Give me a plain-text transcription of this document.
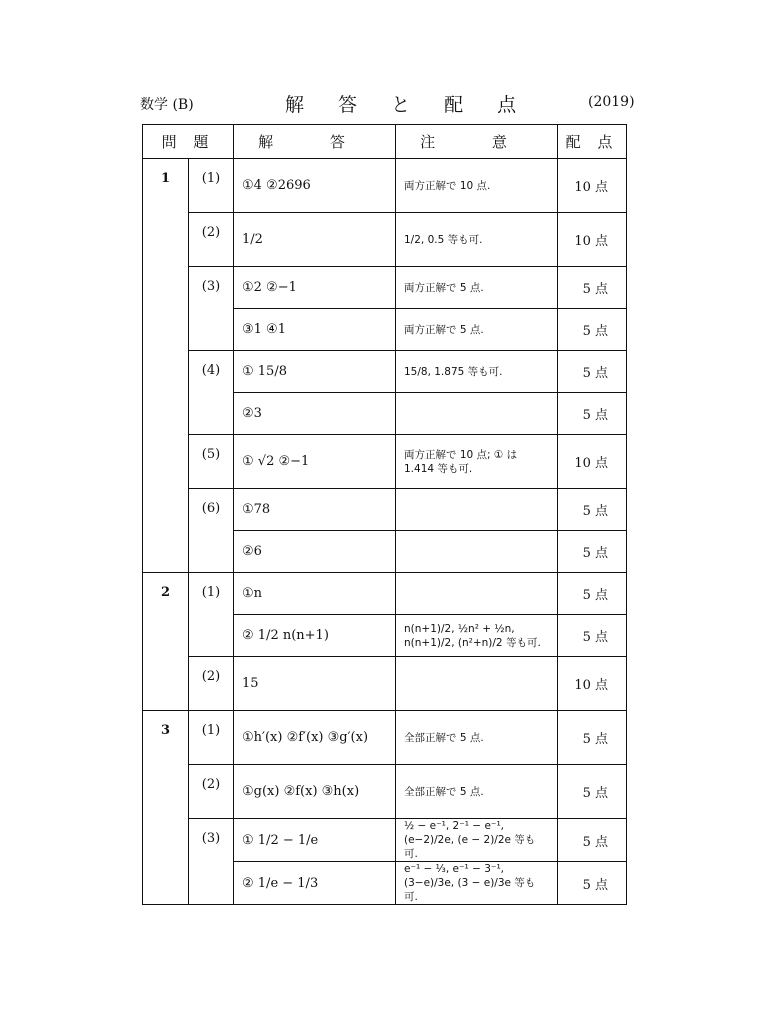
数学 (B)	解 答 と 配 点	(2019)
問 題		解 答	注 意	配 点
1	(1)	①4 ②2696	両方正解で 10 点.	10 点
	(2)	1/2	1/2, 0.5 等も可.	10 点
	(3)	①2 ②−1	両方正解で 5 点.	5 点
		③1 ④1	両方正解で 5 点.	5 点
	(4)	① 15/8	15/8, 1.875 等も可.	5 点
		②3		5 点
	(5)	① √2 ②−1	両方正解で 10 点; ① は 1.414 等も可.	10 点
	(6)	①78		5 点
		②6		5 点
2	(1)	①n		5 点
		② 1/2 n(n+1)	n(n+1)/2, ½n² + ½n, n(n+1)/2, (n²+n)/2 等も可.	5 点
	(2)	15		10 点
3	(1)	①h′(x) ②f′(x) ③g′(x)	全部正解で 5 点.	5 点
	(2)	①g(x) ②f(x) ③h(x)	全部正解で 5 点.	5 点
	(3)	① 1/2 − 1/e	½ − e⁻¹, 2⁻¹ − e⁻¹, (e−2)/2e, (e − 2)/2e 等も可.	5 点
		② 1/e − 1/3	e⁻¹ − ⅓, e⁻¹ − 3⁻¹, (3−e)/3e, (3 − e)/3e 等も可.	5 点
